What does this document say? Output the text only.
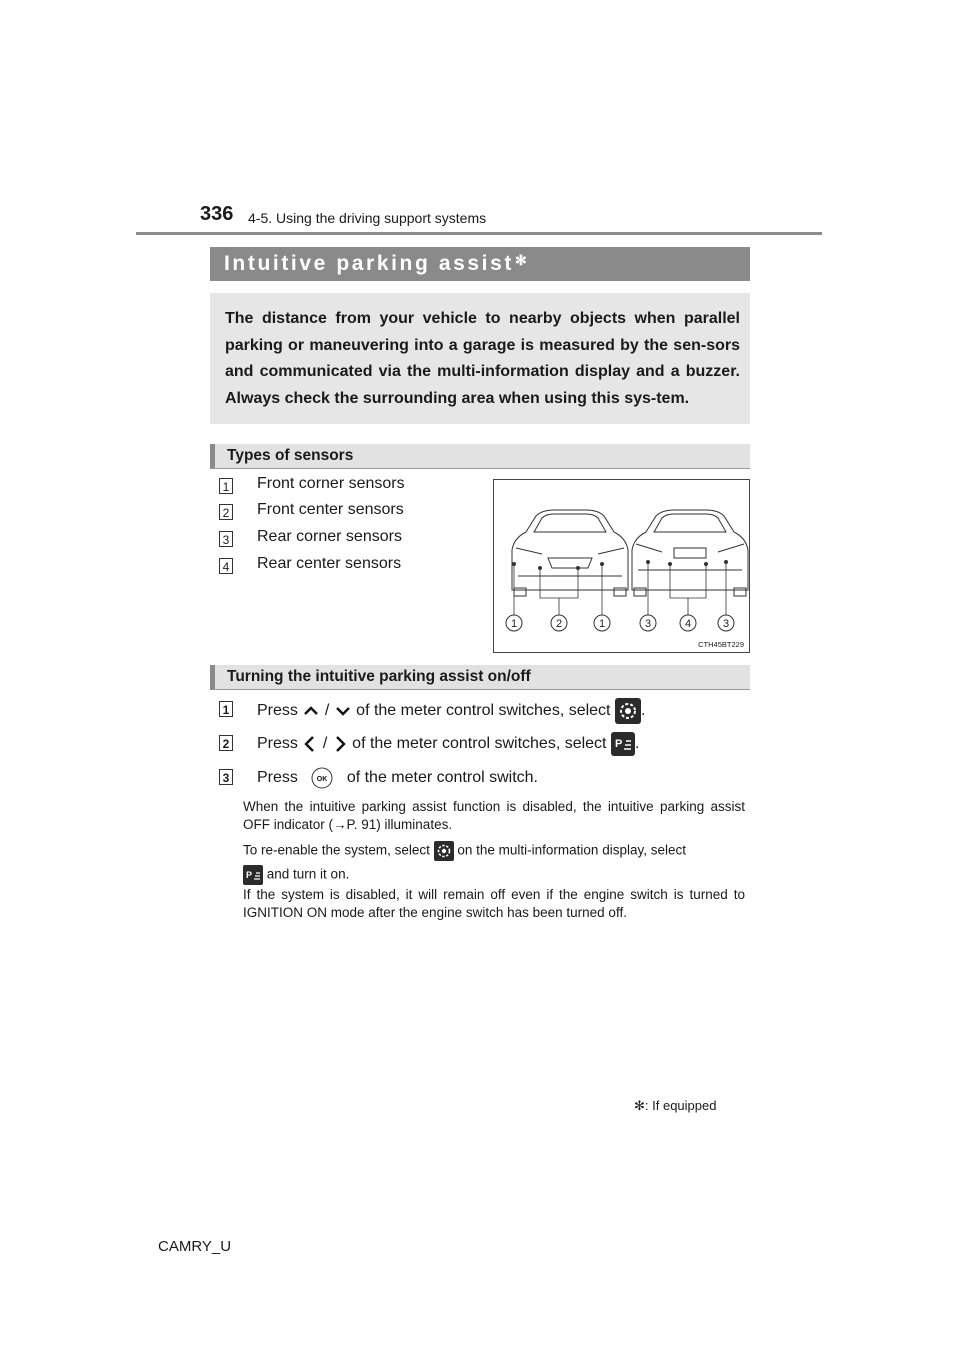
336 4-5. Using the driving support systems
Intuitive parking assist✻

The distance from your vehicle to nearby objects when parallel parking or maneuvering into a garage is measured by the sen-sors and communicated via the multi-information display and a buzzer. Always check the surrounding area when using this sys-tem.

Types of sensors
1 Front corner sensors
2 Front center sensors
3 Rear corner sensors
4 Rear center sensors
1	2	1	3	4	3
CTH45BT229
Turning the intuitive parking assist on/off
1 Press / of the meter control switches, select .
2 Press / of the meter control switches, select P .
3 Press	OK of the meter control switch.
When the intuitive parking assist function is disabled, the intuitive parking assist OFF indicator (→P. 91) illuminates.
To re-enable the system, select on the multi-information display, select
P and turn it on.
If the system is disabled, it will remain off even if the engine switch is turned to IGNITION ON mode after the engine switch has been turned off.
✻: If equipped
CAMRY_U
